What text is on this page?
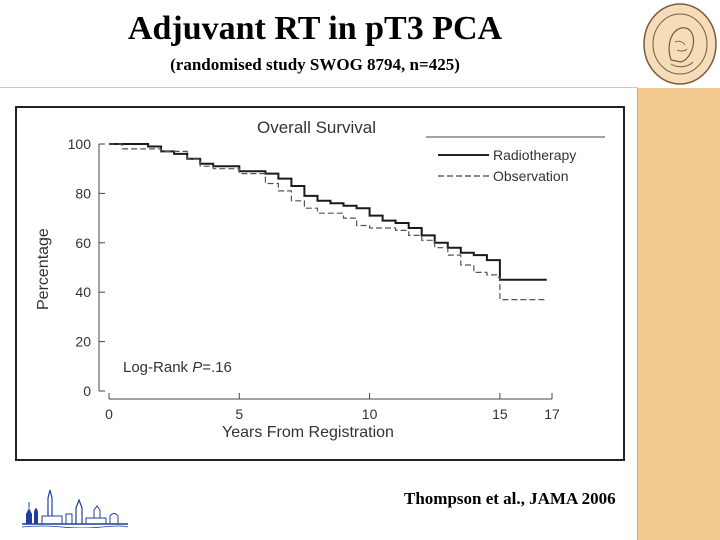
Adjuvant RT in pT3 PCA
(randomised study SWOG 8794, n=425)
0
20
40
60
80
100
0	5	10	15	17
Overall Survival
Years From Registration
Percentage
Radiotherapy
Observation
Log-Rank P=.16
Thompson et al., JAMA 2006
